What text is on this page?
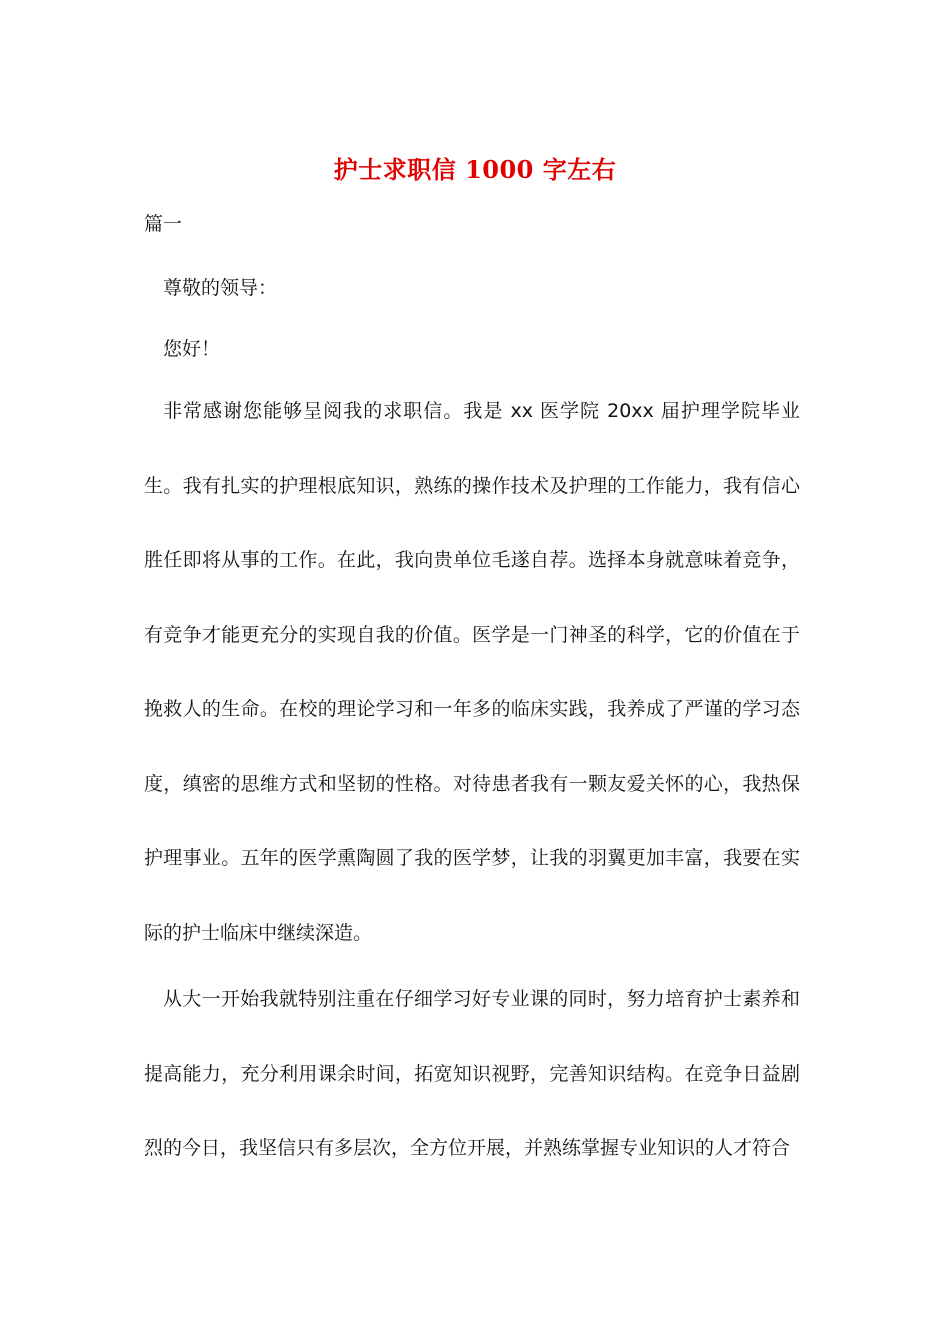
护士求职信 1000 字左右
篇一
尊敬的领导：
您好！

非常感谢您能够呈阅我的求职信。我是 xx 医学院 20xx 届护理学院毕业生。我有扎实的护理根底知识，熟练的操作技术及护理的工作能力，我有信心胜任即将从事的工作。在此，我向贵单位毛遂自荐。选择本身就意味着竞争，有竞争才能更充分的实现自我的价值。医学是一门神圣的科学，它的价值在于挽救人的生命。在校的理论学习和一年多的临床实践，我养成了严谨的学习态度，缜密的思维方式和坚韧的性格。对待患者我有一颗友爱关怀的心，我热保护理事业。五年的医学熏陶圆了我的医学梦，让我的羽翼更加丰富，我要在实际的护士临床中继续深造。

从大一开始我就特别注重在仔细学习好专业课的同时，努力培育护士素养和提高能力，充分利用课余时间，拓宽知识视野，完善知识结构。在竞争日益剧烈的今日，我坚信只有多层次，全方位开展，并熟练掌握专业知识的人才符合
